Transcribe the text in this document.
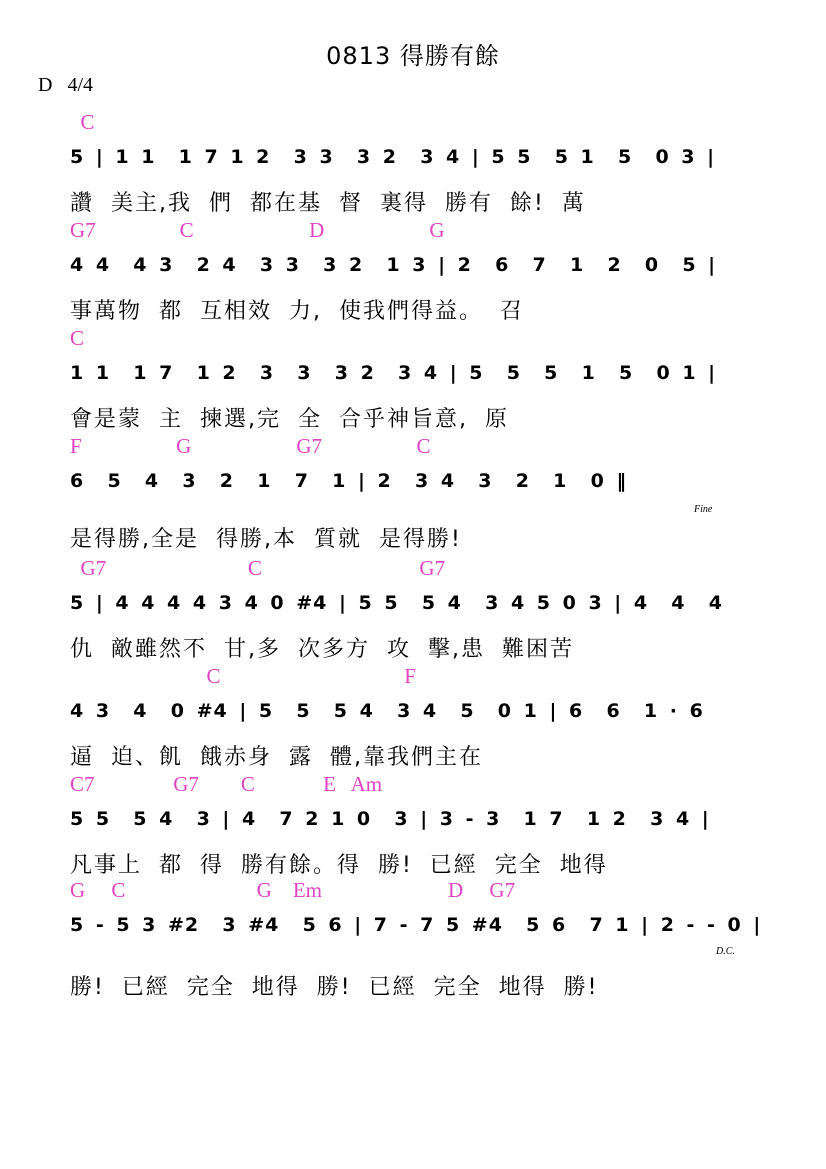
0813 得勝有餘
D   4/4
C
5 | 1 1  1 7 1 2  3 3  3 2  3 4 | 5 5  5 1  5  0 3 |
讚 美主,我 們 都在基 督 裏得 勝有 餘! 萬
G7                C                      D                    G
4 4  4 3  2 4  3 3  3 2  1 3 | 2  6  7  1  2  0  5 |
事萬物 都 互相效 力, 使我們得益。 召
C
1 1  1 7  1 2  3  3  3 2  3 4 | 5  5  5  1  5  0 1 |
會是蒙 主 揀選,完 全 合乎神旨意, 原
F                  G                    G7                  C
6  5  4  3  2  1  7  1 | 2  3 4  3  2  1  0 ‖
是得勝,全是 得勝,本 質就 是得勝!
Fine
G7                           C                              G7
5 | 4 4 4 4 3 4 0 #4 | 5 5  5 4  3 4 5 0 3 | 4  4  4
仇 敵雖然不 甘,多 次多方 攻 擊,患 難困苦
C                                   F
4 3  4  0 #4 | 5  5  5 4  3 4  5  0 1 | 6  6  1 · 6
逼 迫、飢 餓赤身 露 體,靠我們主在
C7               G7        C             E   Am
5 5  5 4  3 | 4  7 2 1 0  3 | 3 - 3  1 7  1 2  3 4 |
凡事上 都 得 勝有餘。得 勝! 已經 完全 地得
G     C                         G    Em                        D     G7
5 - 5 3 #2  3 #4  5 6 | 7 - 7 5 #4  5 6  7 1 | 2 - - 0 |
勝! 已經 完全 地得 勝! 已經 完全 地得 勝!
D.C.
